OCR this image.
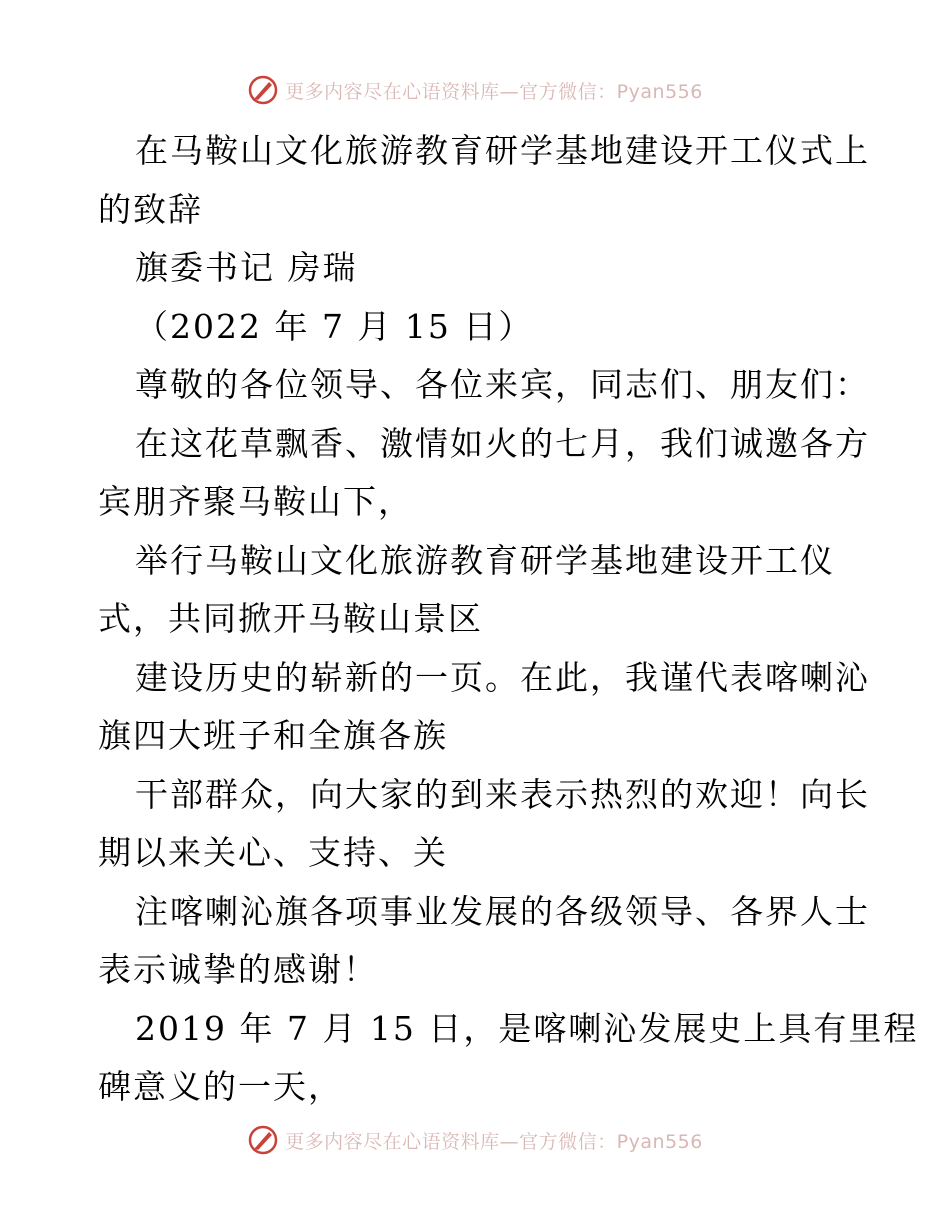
更多内容尽在心语资料库—官方微信：Pyan556
在马鞍山文化旅游教育研学基地建设开工仪式上
的致辞
旗委书记 房瑞
（2022 年 7 月 15 日）
尊敬的各位领导、各位来宾，同志们、朋友们：
在这花草飘香、激情如火的七月，我们诚邀各方
宾朋齐聚马鞍山下，
举行马鞍山文化旅游教育研学基地建设开工仪
式，共同掀开马鞍山景区
建设历史的崭新的一页。在此，我谨代表喀喇沁
旗四大班子和全旗各族
干部群众，向大家的到来表示热烈的欢迎！向长
期以来关心、支持、关
注喀喇沁旗各项事业发展的各级领导、各界人士
表示诚挚的感谢！
2019 年 7 月 15 日，是喀喇沁发展史上具有里程
碑意义的一天，
更多内容尽在心语资料库—官方微信：Pyan556
